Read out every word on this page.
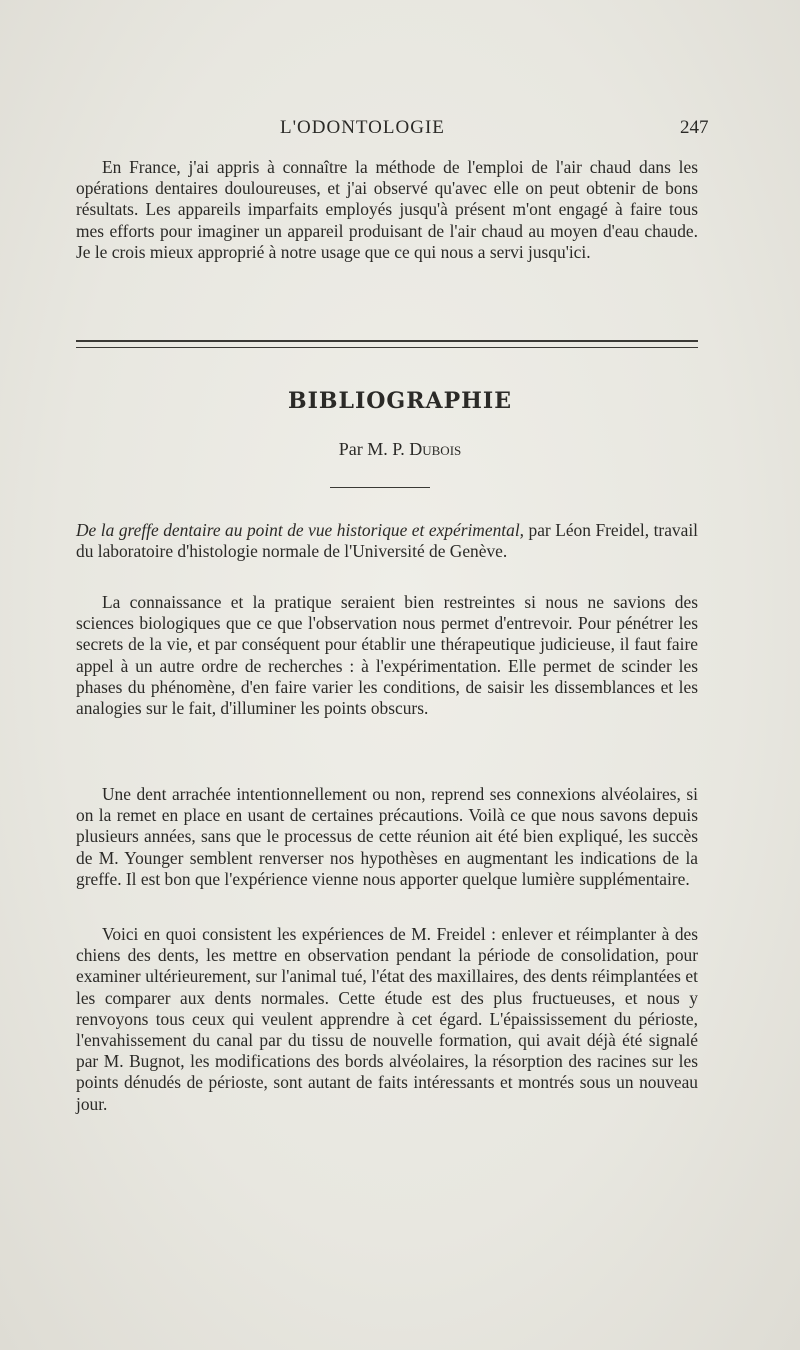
L'ODONTOLOGIE	247

En France, j'ai appris à connaître la méthode de l'emploi de l'air chaud dans les opérations dentaires douloureuses, et j'ai observé qu'avec elle on peut obtenir de bons résultats. Les appareils imparfaits employés jusqu'à présent m'ont engagé à faire tous mes efforts pour imaginer un appareil produisant de l'air chaud au moyen d'eau chaude. Je le crois mieux approprié à notre usage que ce qui nous a servi jusqu'ici.

BIBLIOGRAPHIE
Par M. P. Dubois

De la greffe dentaire au point de vue historique et expérimental, par Léon Freidel, travail du laboratoire d'histologie normale de l'Université de Genève.

La connaissance et la pratique seraient bien restreintes si nous ne savions des sciences biologiques que ce que l'observation nous permet d'entrevoir. Pour pénétrer les secrets de la vie, et par conséquent pour établir une thérapeutique judicieuse, il faut faire appel à un autre ordre de recherches : à l'expérimentation. Elle permet de scinder les phases du phénomène, d'en faire varier les conditions, de saisir les dissemblances et les analogies sur le fait, d'illuminer les points obscurs.

Une dent arrachée intentionnellement ou non, reprend ses connexions alvéolaires, si on la remet en place en usant de certaines précautions. Voilà ce que nous savons depuis plusieurs années, sans que le processus de cette réunion ait été bien expliqué, les succès de M. Younger semblent renverser nos hypothèses en augmentant les indications de la greffe. Il est bon que l'expérience vienne nous apporter quelque lumière supplémentaire.

Voici en quoi consistent les expériences de M. Freidel : enlever et réimplanter à des chiens des dents, les mettre en observation pendant la période de consolidation, pour examiner ultérieurement, sur l'animal tué, l'état des maxillaires, des dents réimplantées et les comparer aux dents normales. Cette étude est des plus fructueuses, et nous y renvoyons tous ceux qui veulent apprendre à cet égard. L'épaississement du périoste, l'envahissement du canal par du tissu de nouvelle formation, qui avait déjà été signalé par M. Bugnot, les modifications des bords alvéolaires, la résorption des racines sur les points dénudés de périoste, sont autant de faits intéressants et montrés sous un nouveau jour.
